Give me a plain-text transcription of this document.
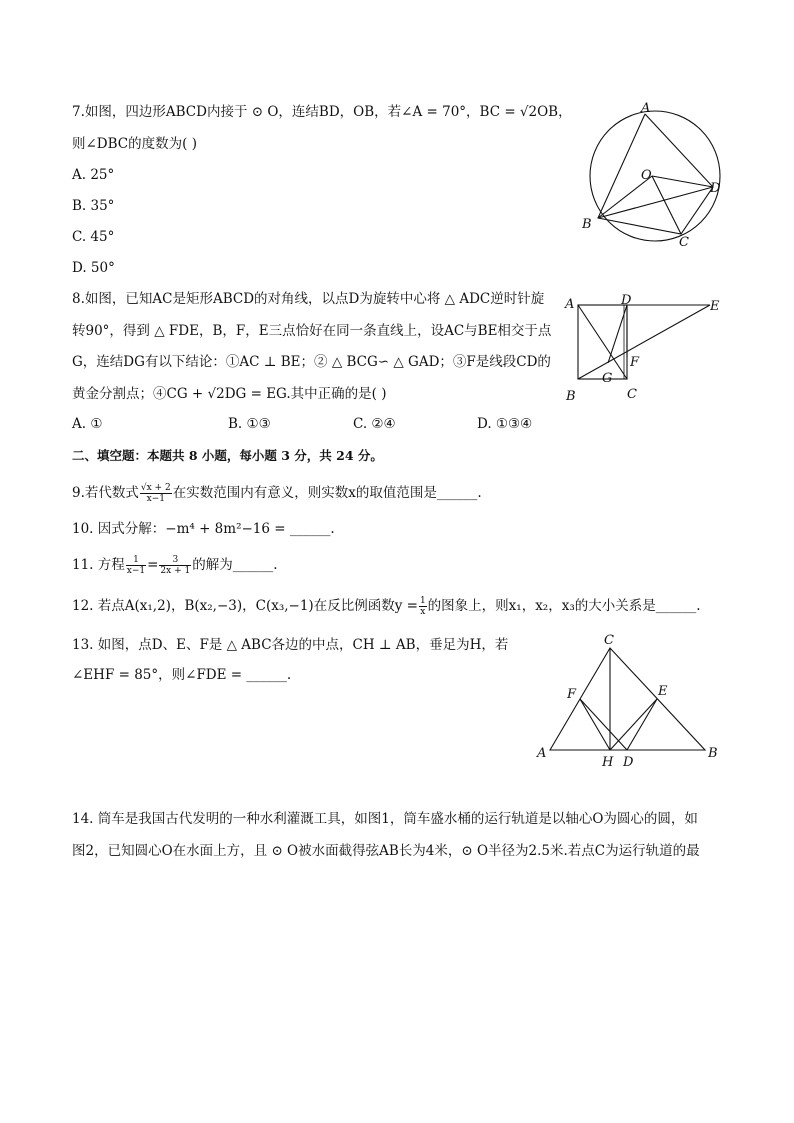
7.如图，四边形ABCD内接于 ⊙ O，连结BD，OB，若∠A = 70°，BC = √2OB，
则∠DBC的度数为( )
A. 25°
B. 35°
C. 45°
D. 50°
A
O
D
B
C
8.如图，已知AC是矩形ABCD的对角线，以点D为旋转中心将 △ ADC逆时针旋
转90°，得到 △ FDE，B，F，E三点恰好在同一条直线上，设AC与BE相交于点
G，连结DG有以下结论：①AC ⊥ BE；② △ BCG∽ △ GAD；③F是线段CD的
黄金分割点；④CG + √2DG = EG.其中正确的是( )
A. ①	B. ①③	C. ②④	D. ①③④
A	D	E
F
G
B	C
二、填空题：本题共 8 小题，每小题 3 分，共 24 分。
9.若代数式 $\frac{√x + 2}{x-1}$ 在实数范围内有意义，则实数x的取值范围是______.
10. 因式分解：−m⁴ + 8m²−16 = ______.
11. 方程 $\frac{1}{x-1} = \frac{3}{2x + 1}$ 的解为______.
12. 若点A(x₁,2)，B(x₂,−3)，C(x₃,−1)在反比例函数$y = \frac{1}{x}$ 的图象上，则x₁，x₂，x₃的大小关系是______.
13. 如图，点D、E、F是 △ ABC各边的中点，CH ⊥ AB，垂足为H，若
∠EHF = 85°，则∠FDE = ______.
C
F	E
A
H D
B
14. 筒车是我国古代发明的一种水利灌溉工具，如图1，筒车盛水桶的运行轨道是以轴心O为圆心的圆，如
图2，已知圆心O在水面上方，且 ⊙ O被水面截得弦AB长为4米，⊙ O半径为2.5米.若点C为运行轨道的最
